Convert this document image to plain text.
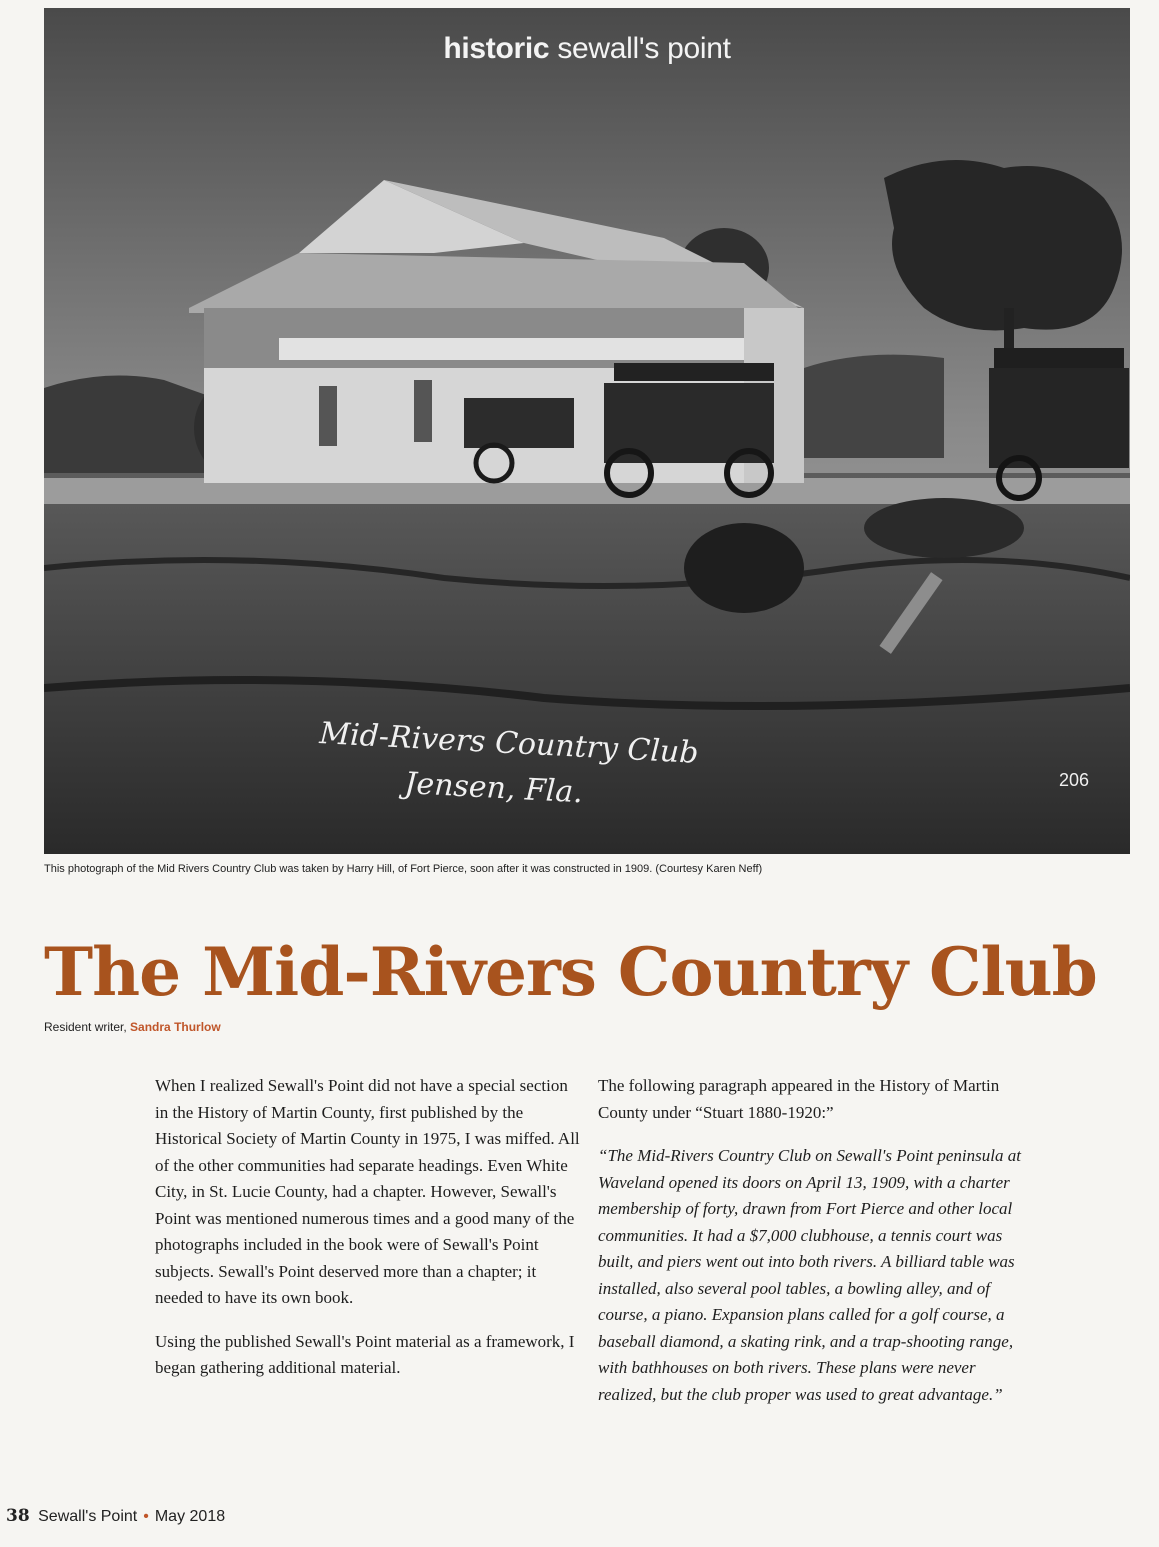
Mid-Rivers Country Club
Jensen, Fla.	206
historic sewall's point
This photograph of the Mid Rivers Country Club was taken by Harry Hill, of Fort Pierce, soon after it was constructed in 1909. (Courtesy Karen Neff)
The Mid-Rivers Country Club
Resident writer, Sandra Thurlow

When I realized Sewall's Point did not have a special section in the History of Martin County, first published by the Historical Society of Martin County in 1975, I was miffed. All of the other communities had separate headings. Even White City, in St. Lucie County, had a chapter. However, Sewall's Point was mentioned numerous times and a good many of the photographs included in the book were of Sewall's Point subjects. Sewall's Point deserved more than a chapter; it needed to have its own book.

Using the published Sewall's Point material as a framework, I began gathering additional material.

The following paragraph appeared in the History of Martin County under “Stuart 1880-1920:”

“The Mid-Rivers Country Club on Sewall's Point peninsula at Waveland opened its doors on April 13, 1909, with a charter membership of forty, drawn from Fort Pierce and other local communities. It had a $7,000 clubhouse, a tennis court was built, and piers went out into both rivers. A billiard table was installed, also several pool tables, a bowling alley, and of course, a piano. Expansion plans called for a golf course, a baseball diamond, a skating rink, and a trap-shooting range, with bathhouses on both rivers. These plans were never realized, but the club proper was used to great advantage.”

38 Sewall's Point • May 2018
